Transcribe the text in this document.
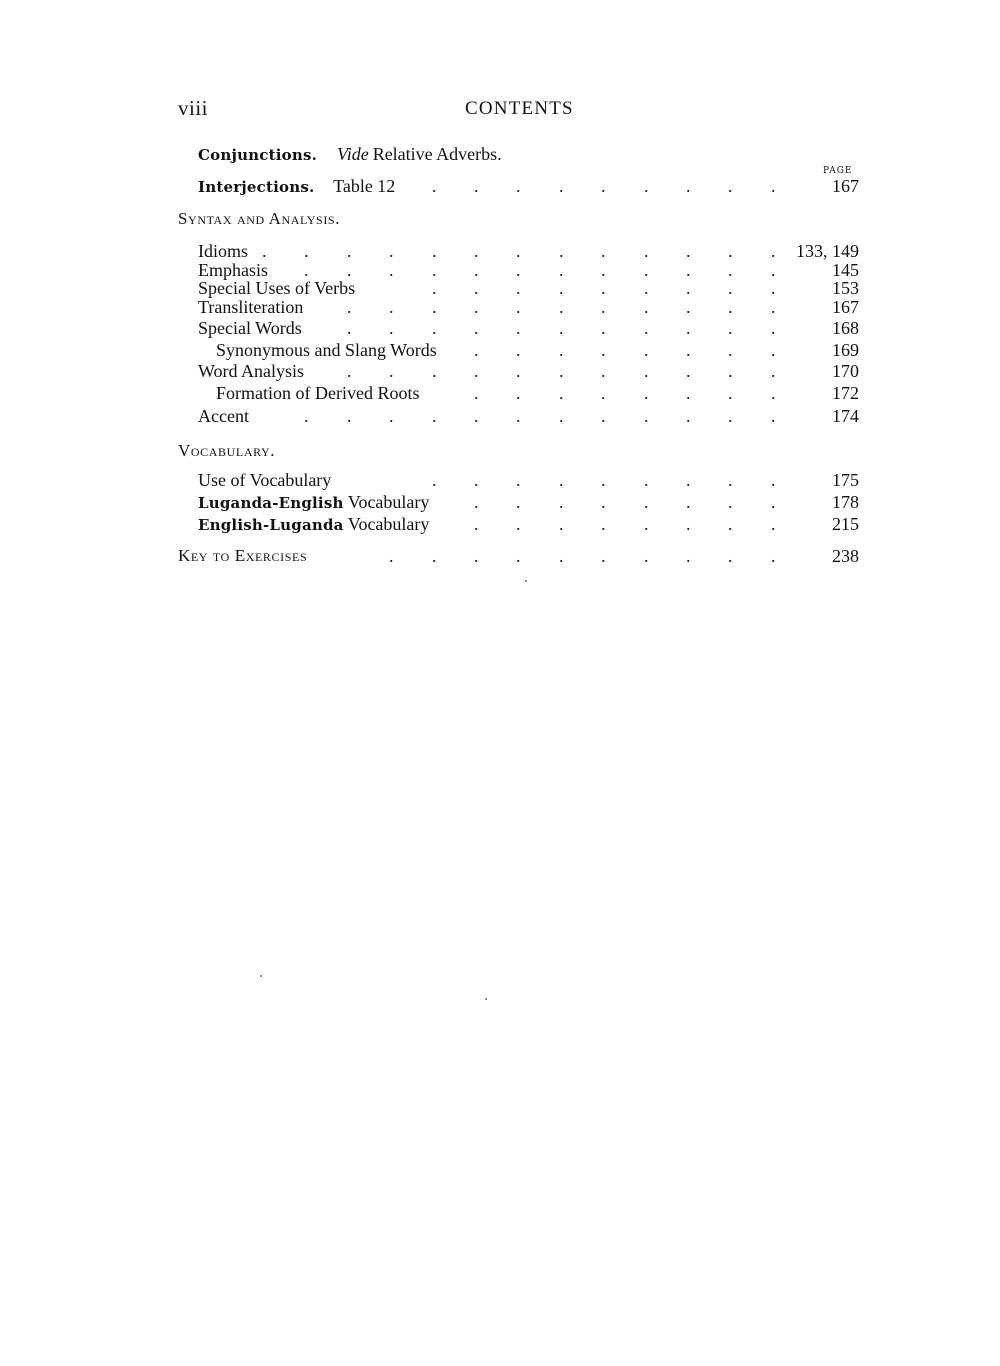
viii	CONTENTS
Conjunctions. Vide Relative Adverbs.
PAGE
Interjections. Table 12 . . . . . . . . .	167
Syntax and Analysis.
Idioms . . . . . . . . . . . . . 133, 149
Emphasis . . . . . . . . . . . .	145
Special Uses of Verbs	. . . . . . . . .	153
Transliteration . . . . . . . . . . .	167
Special Words	. . . . . . . . . . .	168
Synonymous and Slang Words . . . . . . . .	169
Word Analysis . . . . . . . . . . .	170
Formation of Derived Roots	. . . . . . . .	172
Accent	. . . . . . . . . . . .	174
Vocabulary.
Use of Vocabulary	. . . . . . . . .	175
Luganda-English Vocabulary . . . . . . . .	178
English-Luganda Vocabulary . . . . . . . .	215
Key to Exercises	. . . . . . . . . .	238
